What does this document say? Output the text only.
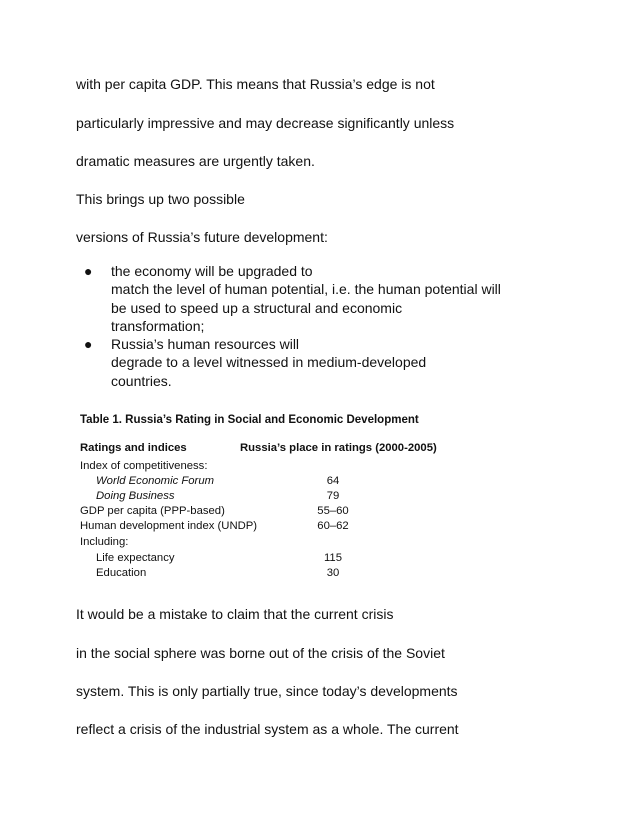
with per capita GDP. This means that Russia’s edge is not
particularly impressive and may decrease significantly unless
dramatic measures are urgently taken.
This brings up two possible
versions of Russia’s future development:
●	the economy will be upgraded to
match the level of human potential, i.e. the human potential will
be used to speed up a structural and economic
transformation;
●	Russia’s human resources will
degrade to a level witnessed in medium-developed
countries.
Table 1. Russia’s Rating in Social and Economic Development
Ratings and indices	Russia’s place in ratings (2000-2005)
Index of competitiveness:
World Economic Forum	64
Doing Business	79
GDP per capita (PPP-based)	55–60
Human development index (UNDP)	60–62
Including:
Life expectancy	115
Education	30
It would be a mistake to claim that the current crisis
in the social sphere was borne out of the crisis of the Soviet
system. This is only partially true, since today’s developments
reflect a crisis of the industrial system as a whole. The current
